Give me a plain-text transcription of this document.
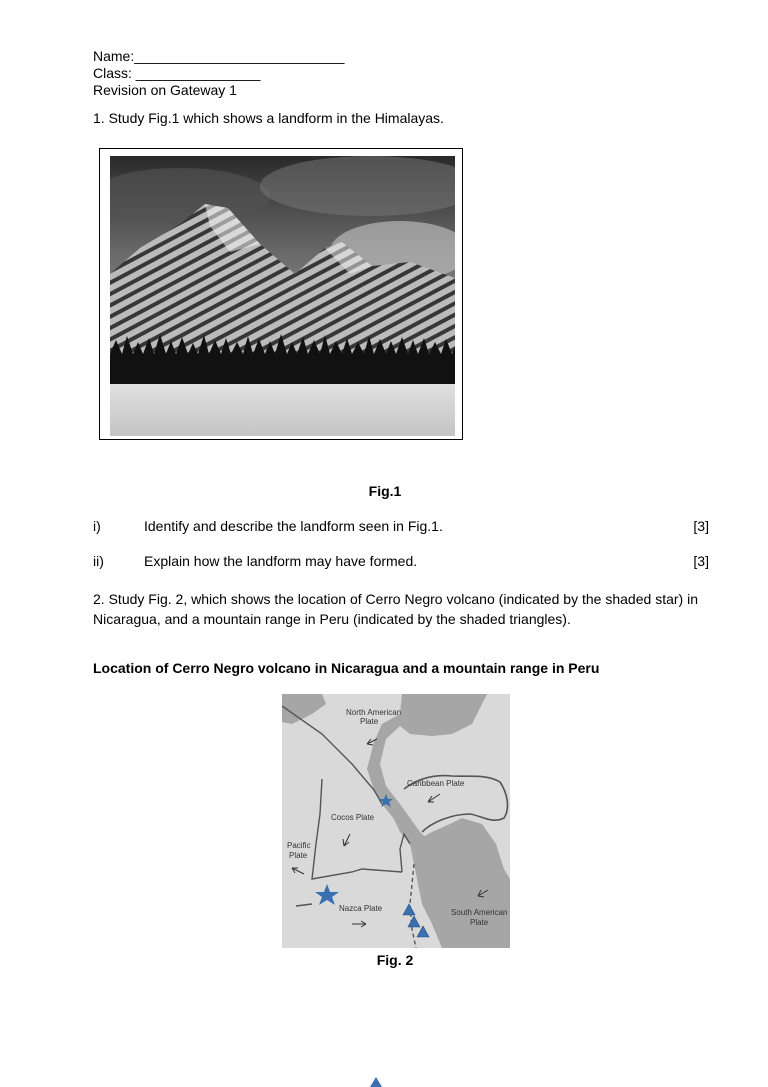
Name:___________________________
Class: ________________
Revision on Gateway 1
1. Study Fig.1 which shows a landform in the Himalayas.
Fig.1
i)	Identify and describe the landform seen in Fig.1.	[3]
ii)	Explain how the landform may have formed.	[3]
2. Study Fig. 2, which shows the location of Cerro Negro volcano (indicated by the shaded star) in Nicaragua, and a mountain range in Peru (indicated by the shaded triangles).
Location of Cerro Negro volcano in Nicaragua and a mountain range in Peru
North American
Plate
Caribbean Plate
Cocos Plate
Pacific
Plate
Nazca Plate	South American
Plate
Fig. 2
